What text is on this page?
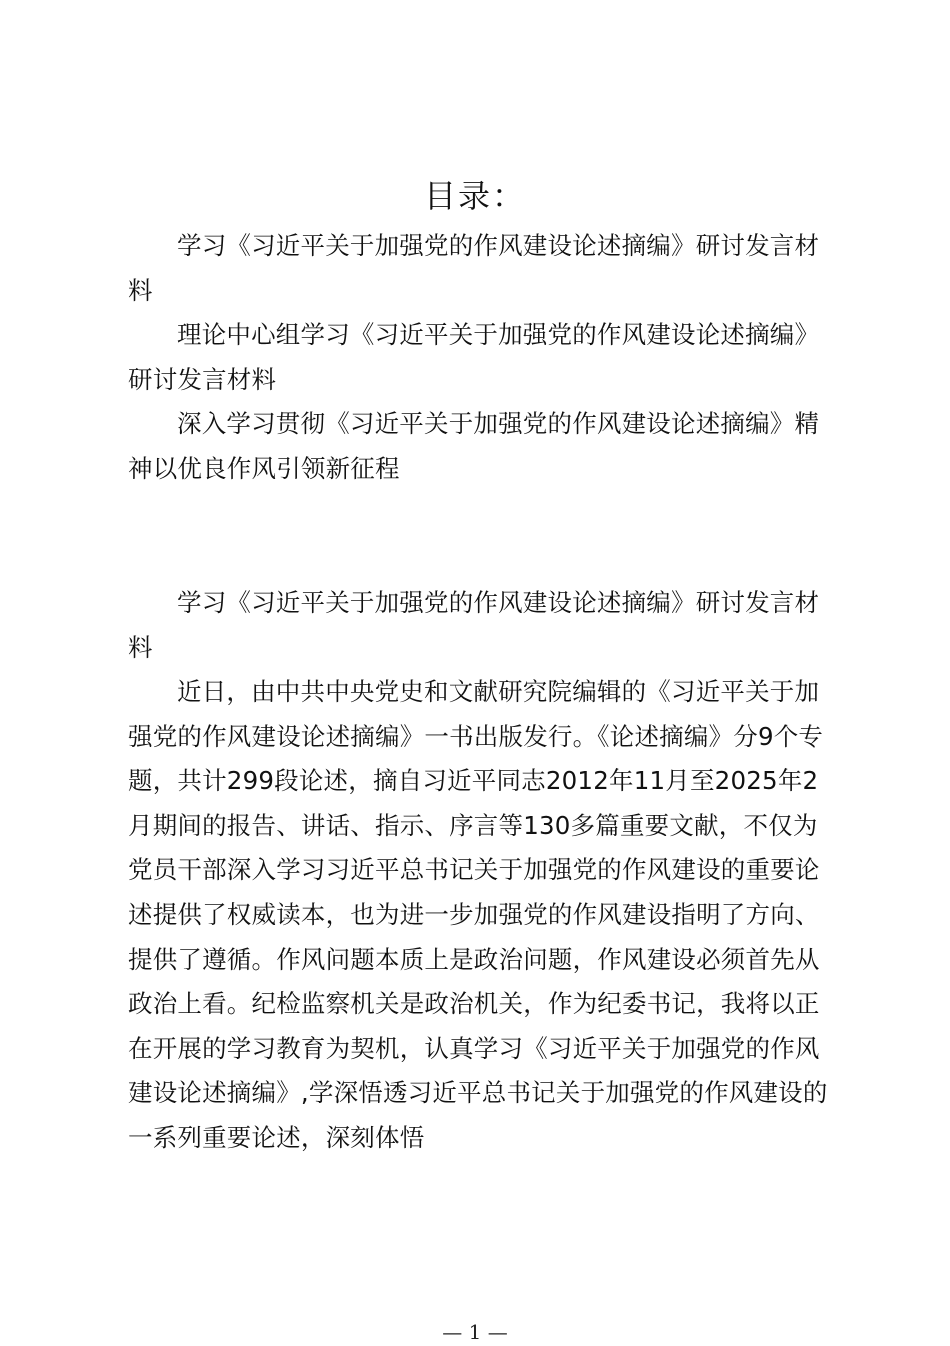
目录：

学习《习近平关于加强党的作风建设论述摘编》研讨发言材料

理论中心组学习《习近平关于加强党的作风建设论述摘编》研讨发言材料

深入学习贯彻《习近平关于加强党的作风建设论述摘编》精神以优良作风引领新征程

学习《习近平关于加强党的作风建设论述摘编》研讨发言材料

近日，由中共中央党史和文献研究院编辑的《习近平关于加强党的作风建设论述摘编》一书出版发行。《论述摘编》分9个专题，共计299段论述，摘自习近平同志2012年11月至2025年2月期间的报告、讲话、指示、序言等130多篇重要文献，不仅为党员干部深入学习习近平总书记关于加强党的作风建设的重要论述提供了权威读本，也为进一步加强党的作风建设指明了方向、提供了遵循。作风问题本质上是政治问题，作风建设必须首先从政治上看。纪检监察机关是政治机关，作为纪委书记，我将以正在开展的学习教育为契机，认真学习《习近平关于加强党的作风建设论述摘编》,学深悟透习近平总书记关于加强党的作风建设的一系列重要论述，深刻体悟

— 1 —
